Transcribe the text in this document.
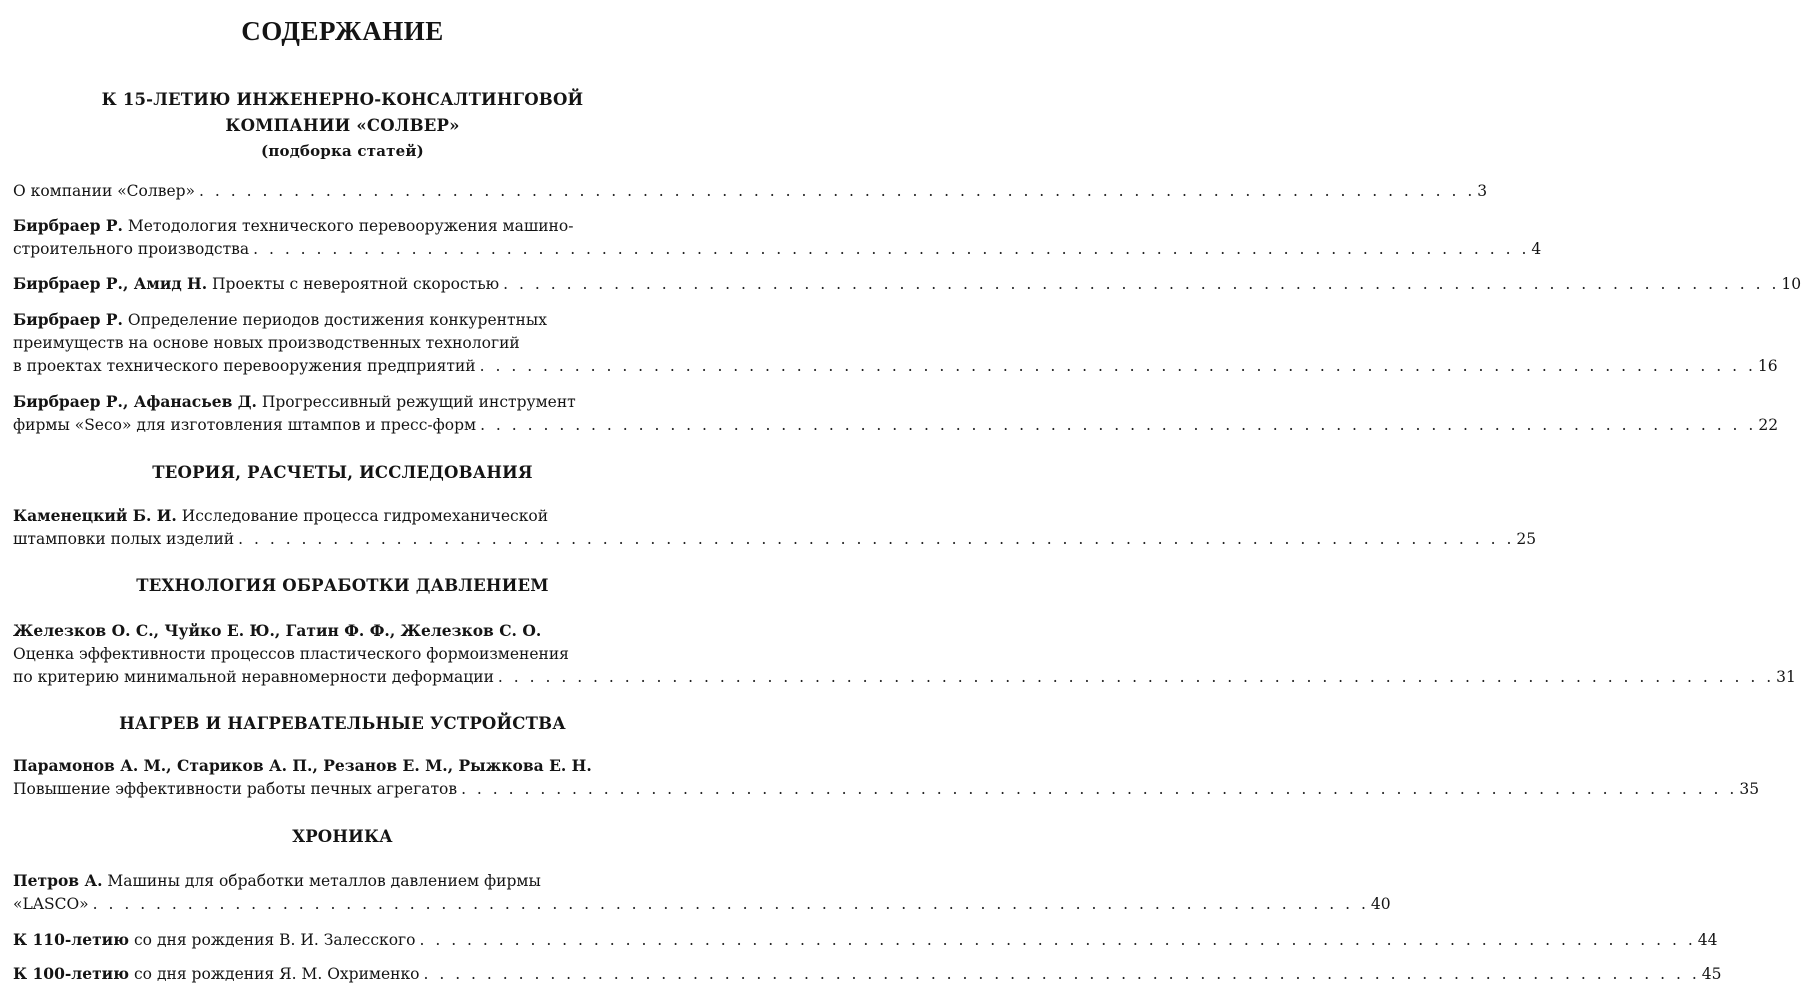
СОДЕРЖАНИЕ
К 15-ЛЕТИЮ ИНЖЕНЕРНО-КОНСАЛТИНГОВОЙ
КОМПАНИИ «СОЛВЕР»
(подборка статей)
О компании «Солвер» . . . . . . . . . . . . . . . . . . . . . . . . . . . . . . . . . . . . . . . . . . . . . . . . . . . . . . . . . . . . . . . . . . . . . . . . . . . . . . . . . 3
Бирбраер Р. Методология технического перевооружения машино-
строительного производства . . . . . . . . . . . . . . . . . . . . . . . . . . . . . . . . . . . . . . . . . . . . . . . . . . . . . . . . . . . . . . . . . . . . . . . . . . . . . . . . . 4
Бирбраер Р., Амид Н. Проекты с невероятной скоростью . . . . . . . . . . . . . . . . . . . . . . . . . . . . . . . . . . . . . . . . . . . . . . . . . . . . . . . . . . . . . . . . . . . . . . . . . . . . . . . . . 10
Бирбраер Р. Определение периодов достижения конкурентных
преимуществ на основе новых производственных технологий
в проектах технического перевооружения предприятий . . . . . . . . . . . . . . . . . . . . . . . . . . . . . . . . . . . . . . . . . . . . . . . . . . . . . . . . . . . . . . . . . . . . . . . . . . . . . . . . . 16
Бирбраер Р., Афанасьев Д. Прогрессивный режущий инструмент
фирмы «Seco» для изготовления штампов и пресс-форм . . . . . . . . . . . . . . . . . . . . . . . . . . . . . . . . . . . . . . . . . . . . . . . . . . . . . . . . . . . . . . . . . . . . . . . . . . . . . . . . . 22
ТЕОРИЯ, РАСЧЕТЫ, ИССЛЕДОВАНИЯ
Каменецкий Б. И. Исследование процесса гидромеханической
штамповки полых изделий . . . . . . . . . . . . . . . . . . . . . . . . . . . . . . . . . . . . . . . . . . . . . . . . . . . . . . . . . . . . . . . . . . . . . . . . . . . . . . . . . 25
ТЕХНОЛОГИЯ ОБРАБОТКИ ДАВЛЕНИЕМ
Железков О. С., Чуйко Е. Ю., Гатин Ф. Ф., Железков С. О.
Оценка эффективности процессов пластического формоизменения
по критерию минимальной неравномерности деформации . . . . . . . . . . . . . . . . . . . . . . . . . . . . . . . . . . . . . . . . . . . . . . . . . . . . . . . . . . . . . . . . . . . . . . . . . . . . . . . . . 31
НАГРЕВ И НАГРЕВАТЕЛЬНЫЕ УСТРОЙСТВА
Парамонов А. М., Стариков А. П., Резанов Е. М., Рыжкова Е. Н.
Повышение эффективности работы печных агрегатов . . . . . . . . . . . . . . . . . . . . . . . . . . . . . . . . . . . . . . . . . . . . . . . . . . . . . . . . . . . . . . . . . . . . . . . . . . . . . . . . . 35
ХРОНИКА
Петров А. Машины для обработки металлов давлением фирмы
«LASCO» . . . . . . . . . . . . . . . . . . . . . . . . . . . . . . . . . . . . . . . . . . . . . . . . . . . . . . . . . . . . . . . . . . . . . . . . . . . . . . . . . 40
К 110-летию со дня рождения В. И. Залесского . . . . . . . . . . . . . . . . . . . . . . . . . . . . . . . . . . . . . . . . . . . . . . . . . . . . . . . . . . . . . . . . . . . . . . . . . . . . . . . . . 44
К 100-летию со дня рождения Я. М. Охрименко . . . . . . . . . . . . . . . . . . . . . . . . . . . . . . . . . . . . . . . . . . . . . . . . . . . . . . . . . . . . . . . . . . . . . . . . . . . . . . . . . 45
